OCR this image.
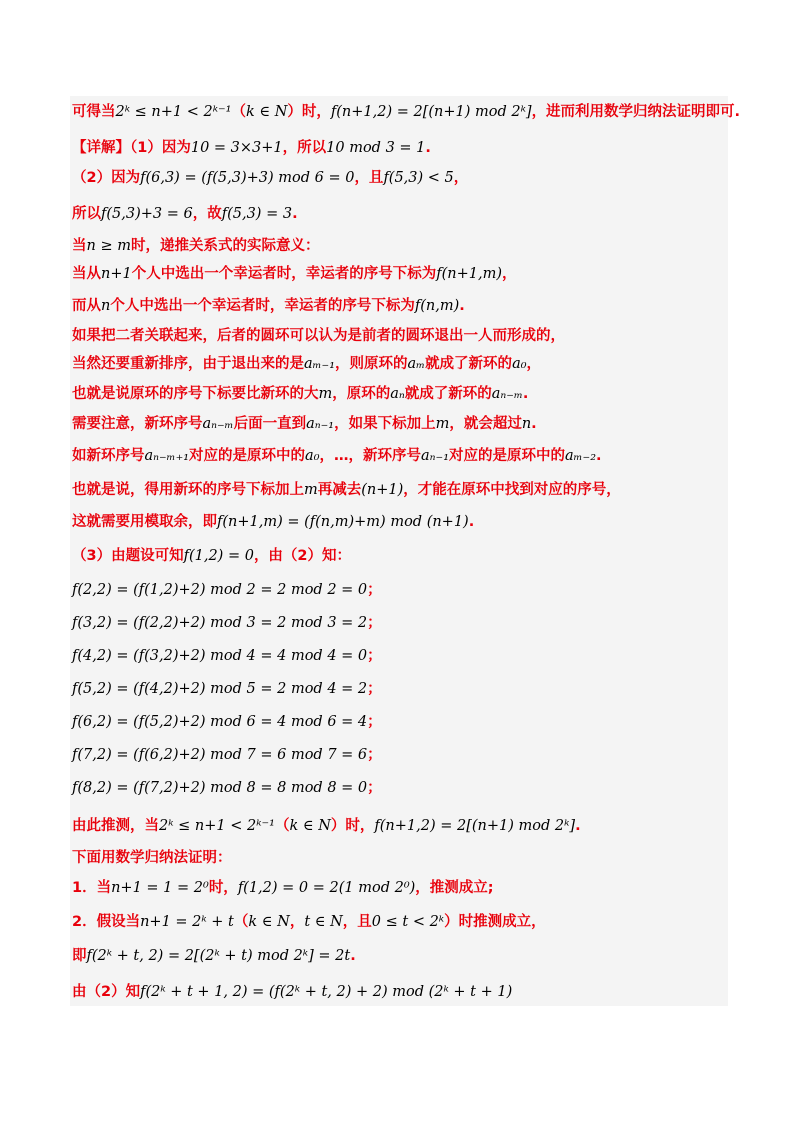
可得当2ᵏ ≤ n+1 < 2ᵏ⁻¹（k ∈ N）时，f(n+1,2) = 2[(n+1) mod 2ᵏ]，进而利用数学归纳法证明即可.
【详解】（1）因为10 = 3×3+1，所以10 mod 3 = 1.
（2）因为f(6,3) = (f(5,3)+3) mod 6 = 0，且f(5,3) < 5，
所以f(5,3)+3 = 6，故f(5,3) = 3.
当n ≥ m时，递推关系式的实际意义：
当从n+1个人中选出一个幸运者时，幸运者的序号下标为f(n+1,m)，
而从n个人中选出一个幸运者时，幸运者的序号下标为f(n,m).
如果把二者关联起来，后者的圆环可以认为是前者的圆环退出一人而形成的，
当然还要重新排序，由于退出来的是aₘ₋₁，则原环的aₘ就成了新环的a₀，
也就是说原环的序号下标要比新环的大m，原环的aₙ就成了新环的aₙ₋ₘ.
需要注意，新环序号aₙ₋ₘ后面一直到aₙ₋₁，如果下标加上m，就会超过n.
如新环序号aₙ₋ₘ₊₁对应的是原环中的a₀，…，新环序号aₙ₋₁对应的是原环中的aₘ₋₂.
也就是说，得用新环的序号下标加上m再减去(n+1)，才能在原环中找到对应的序号，
这就需要用模取余，即f(n+1,m) = (f(n,m)+m) mod (n+1).
（3）由题设可知f(1,2) = 0，由（2）知：
f(2,2) = (f(1,2)+2) mod 2 = 2 mod 2 = 0；
f(3,2) = (f(2,2)+2) mod 3 = 2 mod 3 = 2；
f(4,2) = (f(3,2)+2) mod 4 = 4 mod 4 = 0；
f(5,2) = (f(4,2)+2) mod 5 = 2 mod 4 = 2；
f(6,2) = (f(5,2)+2) mod 6 = 4 mod 6 = 4；
f(7,2) = (f(6,2)+2) mod 7 = 6 mod 7 = 6；
f(8,2) = (f(7,2)+2) mod 8 = 8 mod 8 = 0；
由此推测，当2ᵏ ≤ n+1 < 2ᵏ⁻¹（k ∈ N）时，f(n+1,2) = 2[(n+1) mod 2ᵏ].
下面用数学归纳法证明：
1．当n+1 = 1 = 2⁰时，f(1,2) = 0 = 2(1 mod 2⁰)，推测成立;
2．假设当n+1 = 2ᵏ + t（k ∈ N，t ∈ N，且0 ≤ t < 2ᵏ）时推测成立，
即f(2ᵏ + t, 2) = 2[(2ᵏ + t) mod 2ᵏ] = 2t.
由（2）知f(2ᵏ + t + 1, 2) = (f(2ᵏ + t, 2) + 2) mod (2ᵏ + t + 1)
